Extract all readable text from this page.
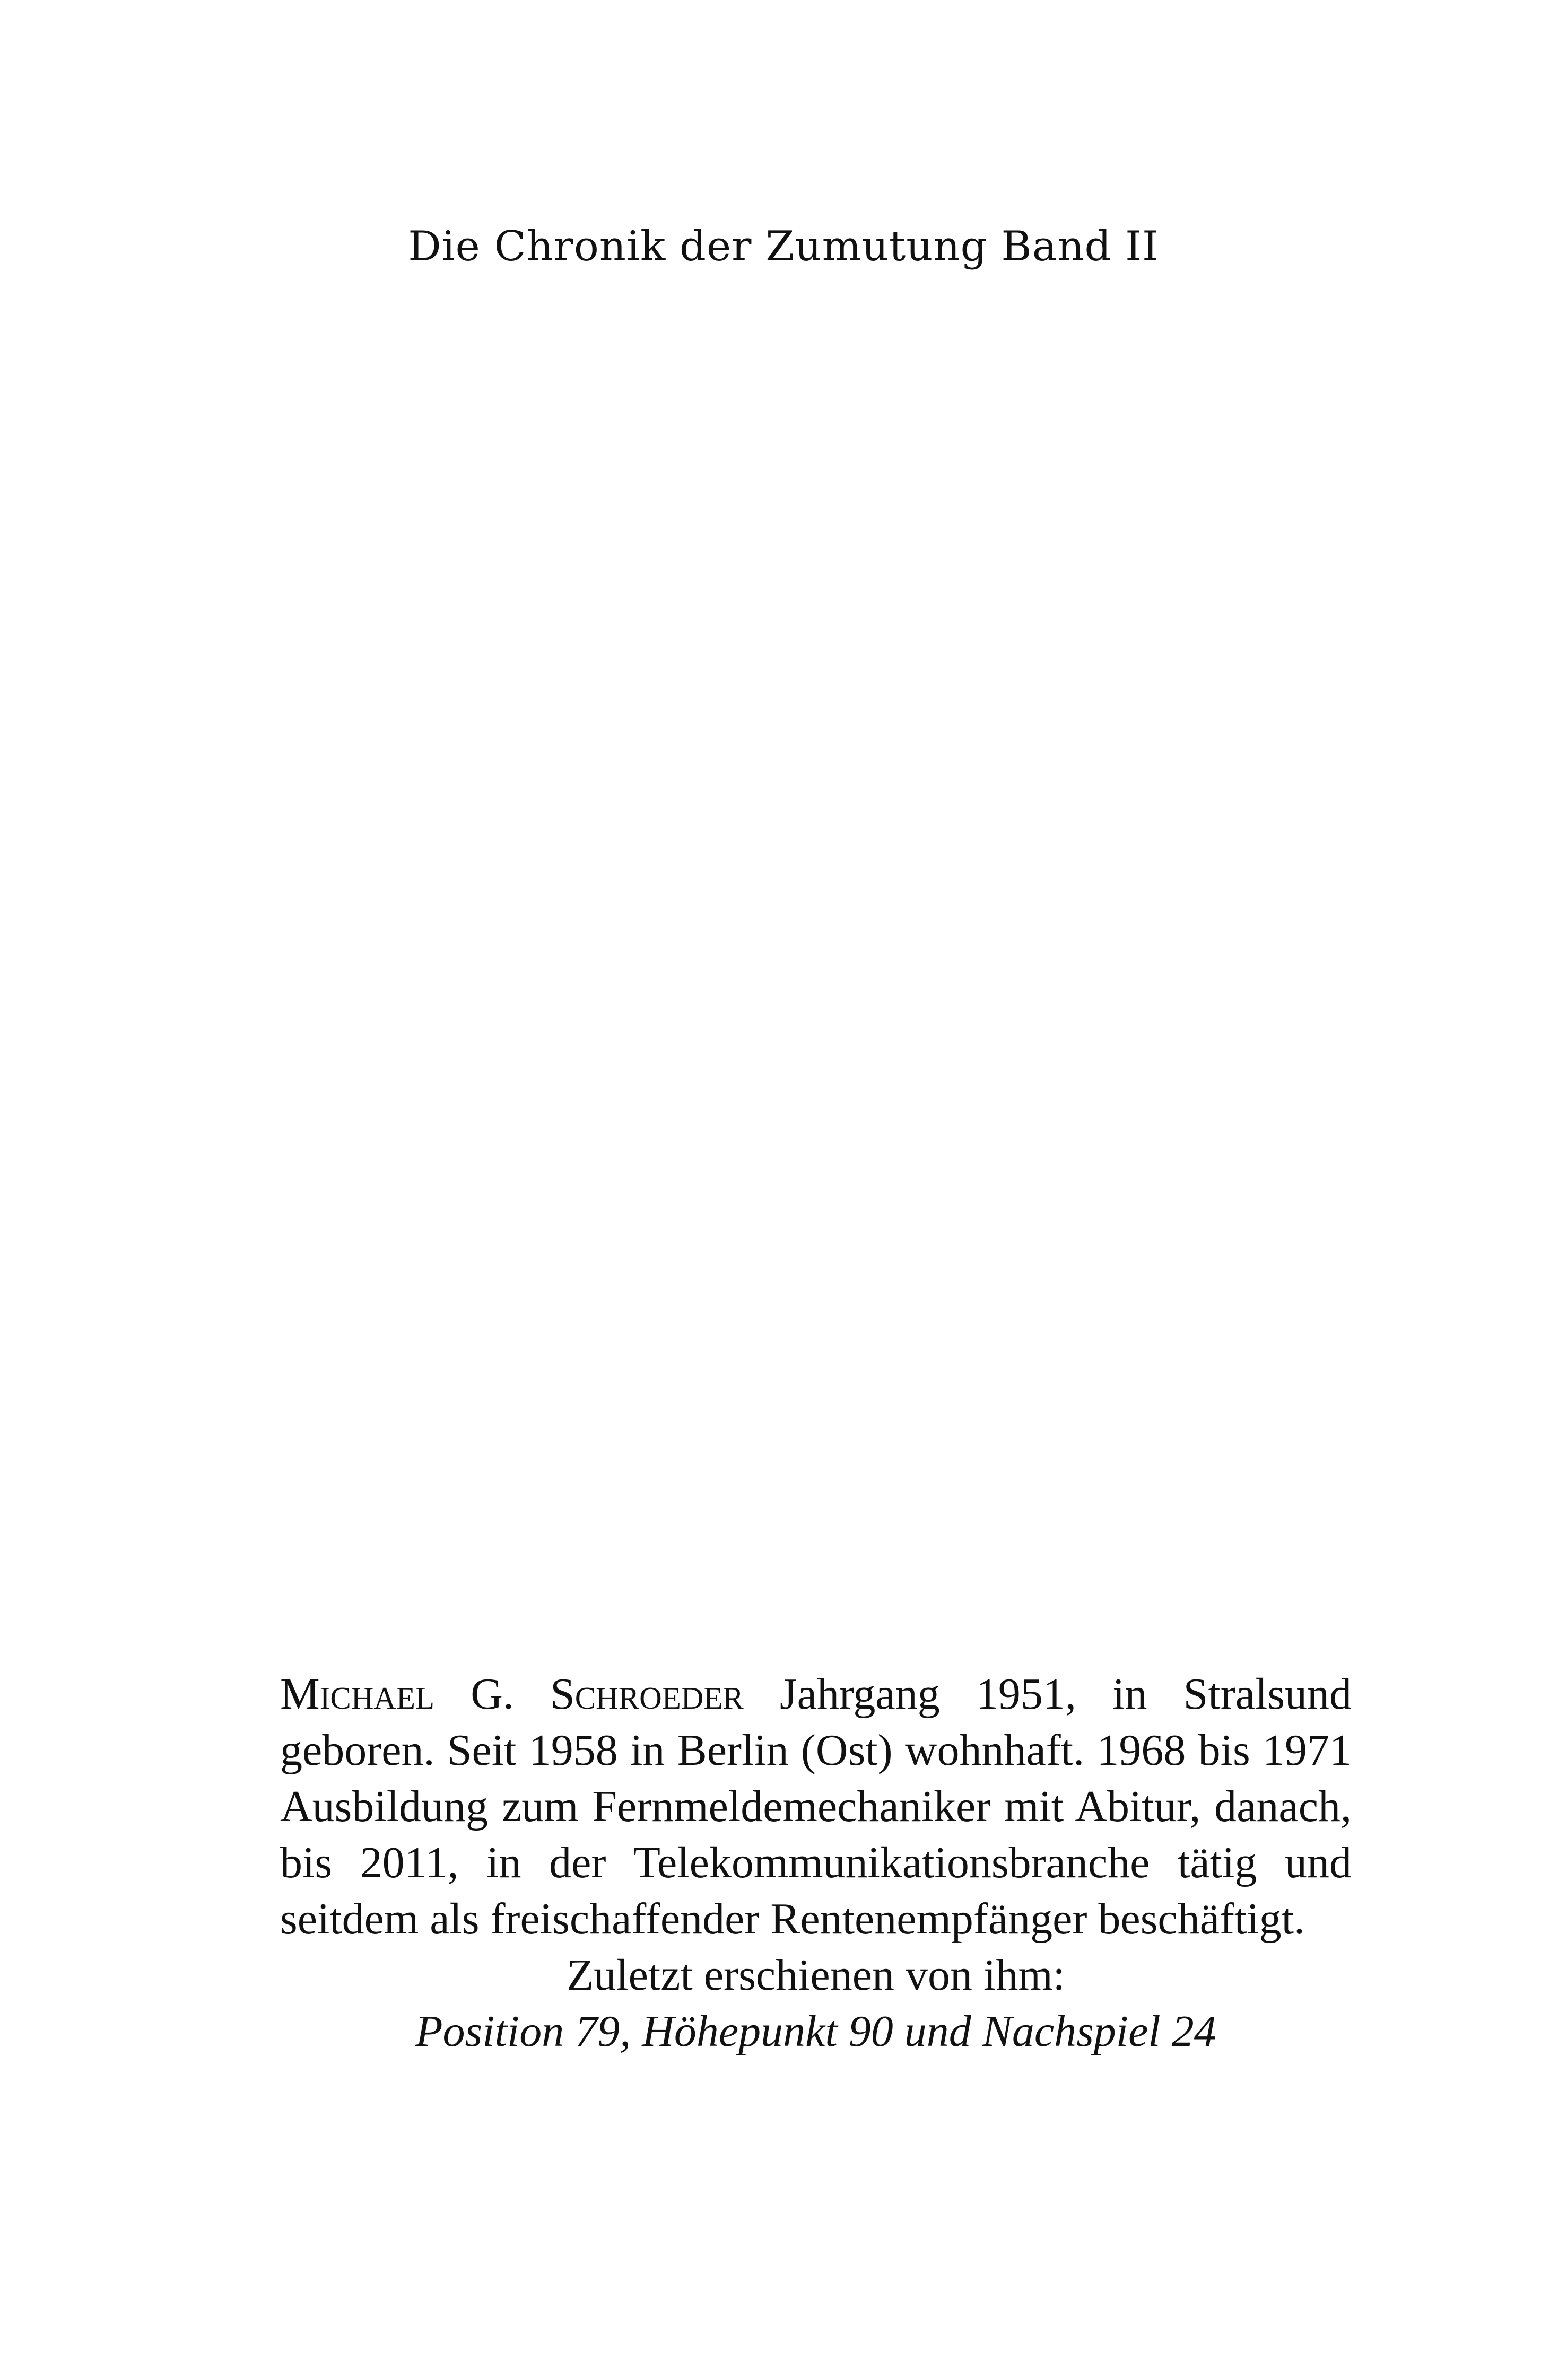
Die Chronik der Zumutung Band II

Michael G. Schroeder Jahrgang 1951, in Stralsund geboren. Seit 1958 in Berlin (Ost) wohnhaft. 1968 bis 1971 Ausbildung zum Fernmeldemechaniker mit Abitur, danach, bis 2011, in der Telekommunikationsbranche tätig und seitdem als freischaffender Rentenempfänger beschäftigt.

Zuletzt erschienen von ihm:

Position 79, Höhepunkt 90 und Nachspiel 24
